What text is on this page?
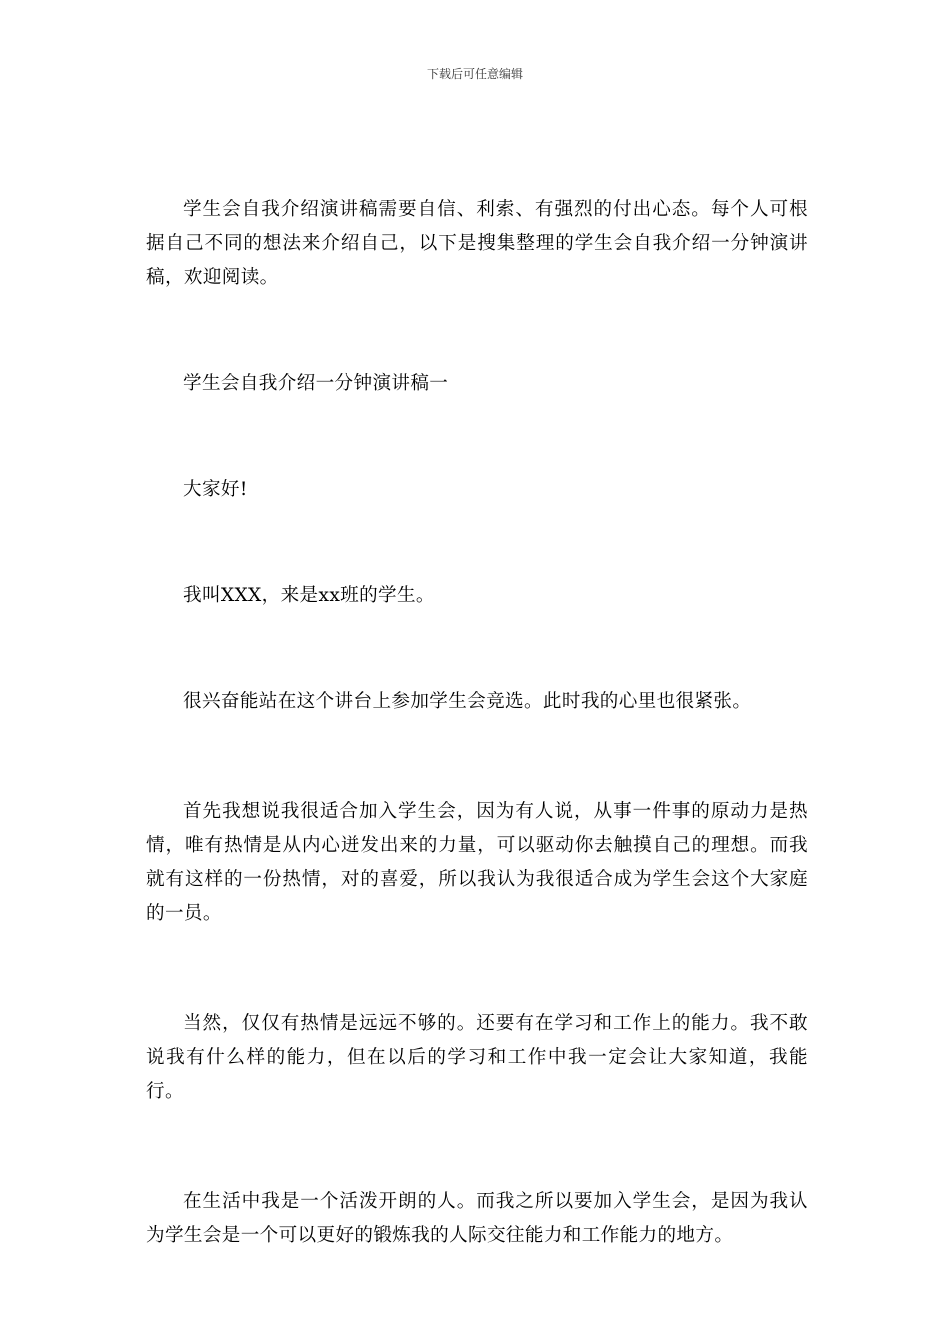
下载后可任意编辑

学生会自我介绍演讲稿需要自信、利索、有强烈的付出心态。每个人可根据自己不同的想法来介绍自己，以下是搜集整理的学生会自我介绍一分钟演讲稿，欢迎阅读。

学生会自我介绍一分钟演讲稿一

大家好!

我叫XXX，来是xx班的学生。

很兴奋能站在这个讲台上参加学生会竞选。此时我的心里也很紧张。

首先我想说我很适合加入学生会，因为有人说，从事一件事的原动力是热情，唯有热情是从内心迸发出来的力量，可以驱动你去触摸自己的理想。而我就有这样的一份热情，对的喜爱，所以我认为我很适合成为学生会这个大家庭的一员。

当然，仅仅有热情是远远不够的。还要有在学习和工作上的能力。我不敢说我有什么样的能力，但在以后的学习和工作中我一定会让大家知道，我能行。

在生活中我是一个活泼开朗的人。而我之所以要加入学生会，是因为我认为学生会是一个可以更好的锻炼我的人际交往能力和工作能力的地方。
